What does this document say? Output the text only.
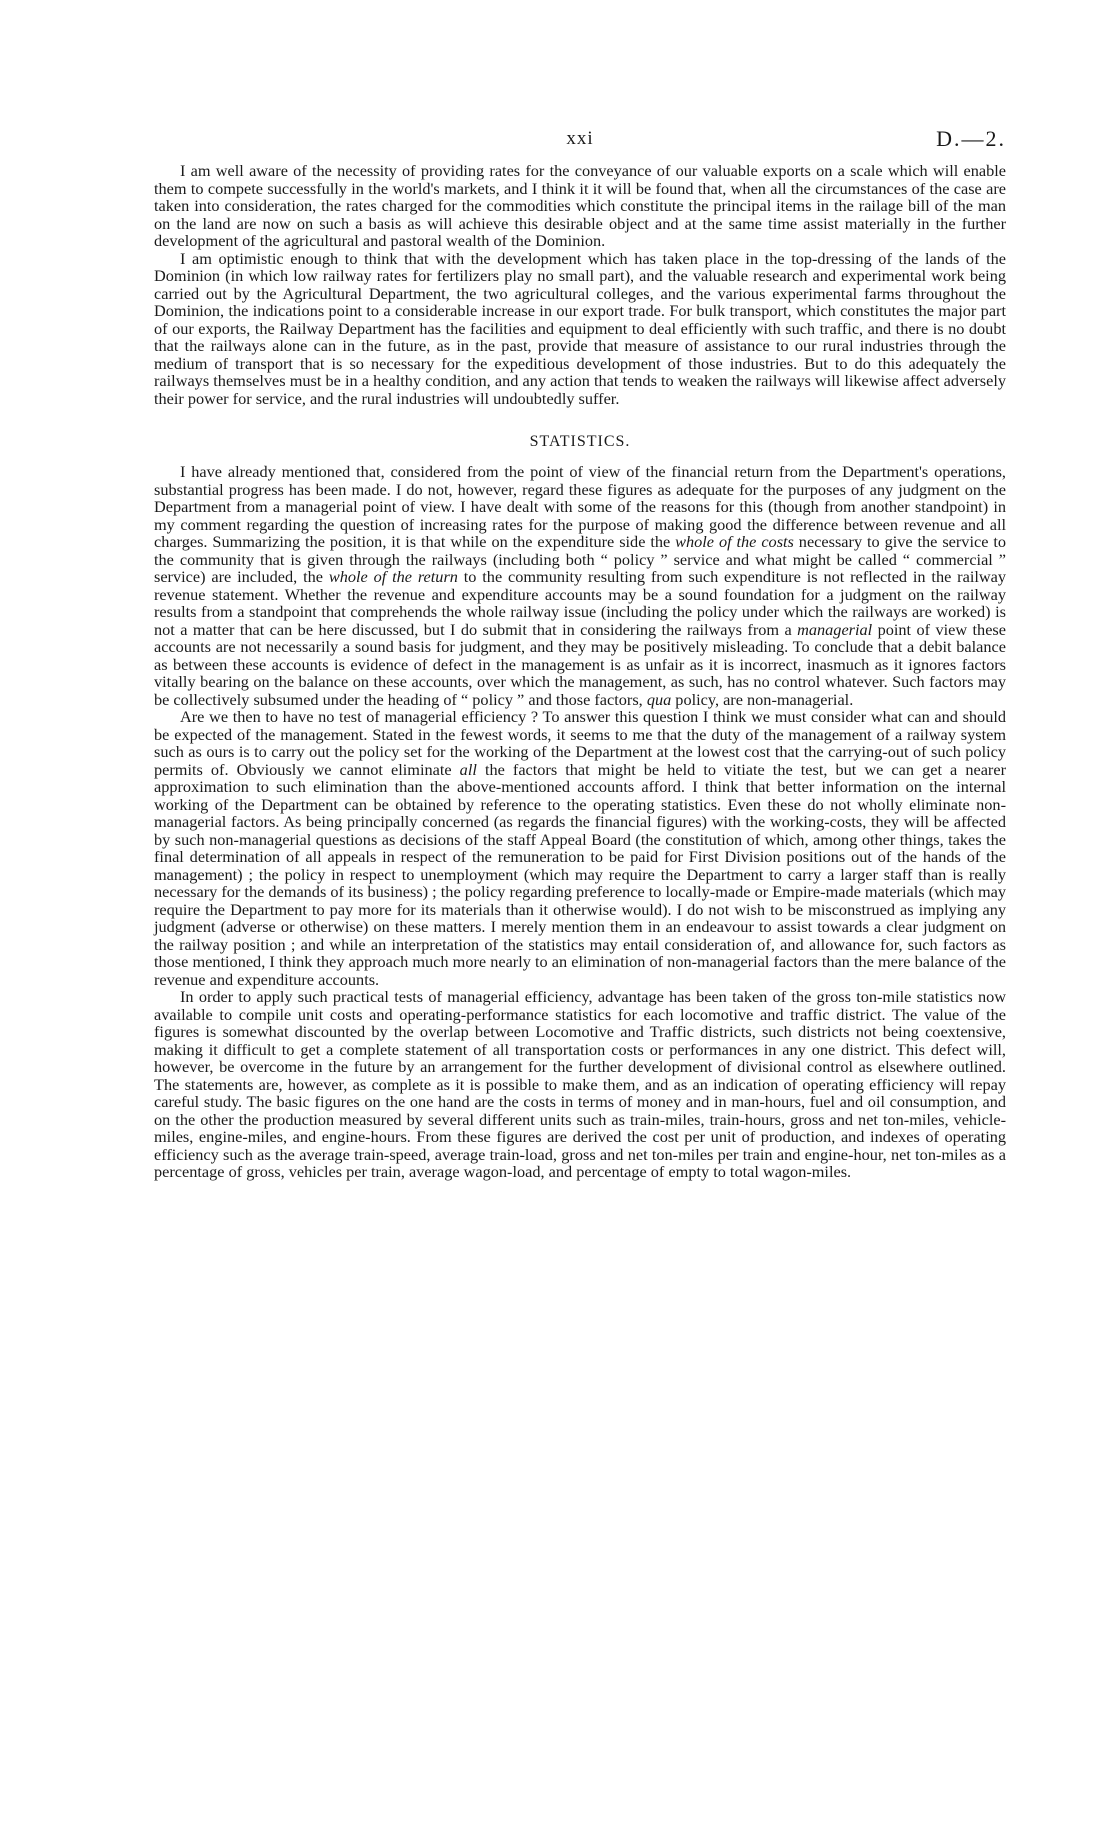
xxi	D.—2.

I am well aware of the necessity of providing rates for the conveyance of our valuable exports on a scale which will enable them to compete successfully in the world's markets, and I think it it will be found that, when all the circumstances of the case are taken into consideration, the rates charged for the commodities which constitute the principal items in the railage bill of the man on the land are now on such a basis as will achieve this desirable object and at the same time assist materially in the further development of the agricultural and pastoral wealth of the Dominion.

I am optimistic enough to think that with the development which has taken place in the top-dressing of the lands of the Dominion (in which low railway rates for fertilizers play no small part), and the valuable research and experimental work being carried out by the Agricultural Department, the two agricultural colleges, and the various experimental farms throughout the Dominion, the indications point to a considerable increase in our export trade. For bulk transport, which constitutes the major part of our exports, the Railway Department has the facilities and equipment to deal efficiently with such traffic, and there is no doubt that the railways alone can in the future, as in the past, provide that measure of assistance to our rural industries through the medium of transport that is so necessary for the expeditious development of those industries. But to do this adequately the railways themselves must be in a healthy condition, and any action that tends to weaken the railways will likewise affect adversely their power for service, and the rural industries will undoubtedly suffer.

STATISTICS.

I have already mentioned that, considered from the point of view of the financial return from the Department's operations, substantial progress has been made. I do not, however, regard these figures as adequate for the purposes of any judgment on the Department from a managerial point of view. I have dealt with some of the reasons for this (though from another standpoint) in my comment regarding the question of increasing rates for the purpose of making good the difference between revenue and all charges. Summarizing the position, it is that while on the expenditure side the whole of the costs necessary to give the service to the community that is given through the railways (including both “ policy ” service and what might be called “ commercial ” service) are included, the whole of the return to the community resulting from such expenditure is not reflected in the railway revenue statement. Whether the revenue and expenditure accounts may be a sound foundation for a judgment on the railway results from a standpoint that comprehends the whole railway issue (including the policy under which the railways are worked) is not a matter that can be here discussed, but I do submit that in considering the railways from a managerial point of view these accounts are not necessarily a sound basis for judgment, and they may be positively misleading. To conclude that a debit balance as between these accounts is evidence of defect in the management is as unfair as it is incorrect, inasmuch as it ignores factors vitally bearing on the balance on these accounts, over which the management, as such, has no control whatever. Such factors may be collectively subsumed under the heading of “ policy ” and those factors, qua policy, are non-managerial.

Are we then to have no test of managerial efficiency ? To answer this question I think we must consider what can and should be expected of the management. Stated in the fewest words, it seems to me that the duty of the management of a railway system such as ours is to carry out the policy set for the working of the Department at the lowest cost that the carrying-out of such policy permits of. Obviously we cannot eliminate all the factors that might be held to vitiate the test, but we can get a nearer approximation to such elimination than the above-mentioned accounts afford. I think that better information on the internal working of the Department can be obtained by reference to the operating statistics. Even these do not wholly eliminate non-managerial factors. As being principally concerned (as regards the financial figures) with the working-costs, they will be affected by such non-managerial questions as decisions of the staff Appeal Board (the constitution of which, among other things, takes the final determination of all appeals in respect of the remuneration to be paid for First Division positions out of the hands of the management) ; the policy in respect to unemployment (which may require the Department to carry a larger staff than is really necessary for the demands of its business) ; the policy regarding preference to locally-made or Empire-made materials (which may require the Department to pay more for its materials than it otherwise would). I do not wish to be misconstrued as implying any judgment (adverse or otherwise) on these matters. I merely mention them in an endeavour to assist towards a clear judgment on the railway position ; and while an interpretation of the statistics may entail consideration of, and allowance for, such factors as those mentioned, I think they approach much more nearly to an elimination of non-managerial factors than the mere balance of the revenue and expenditure accounts.

In order to apply such practical tests of managerial efficiency, advantage has been taken of the gross ton-mile statistics now available to compile unit costs and operating-performance statistics for each locomotive and traffic district. The value of the figures is somewhat discounted by the overlap between Locomotive and Traffic districts, such districts not being coextensive, making it difficult to get a complete statement of all transportation costs or performances in any one district. This defect will, however, be overcome in the future by an arrangement for the further development of divisional control as elsewhere outlined. The statements are, however, as complete as it is possible to make them, and as an indication of operating efficiency will repay careful study. The basic figures on the one hand are the costs in terms of money and in man-hours, fuel and oil consumption, and on the other the production measured by several different units such as train-miles, train-hours, gross and net ton-miles, vehicle-miles, engine-miles, and engine-hours. From these figures are derived the cost per unit of production, and indexes of operating efficiency such as the average train-speed, average train-load, gross and net ton-miles per train and engine-hour, net ton-miles as a percentage of gross, vehicles per train, average wagon-load, and percentage of empty to total wagon-miles.
